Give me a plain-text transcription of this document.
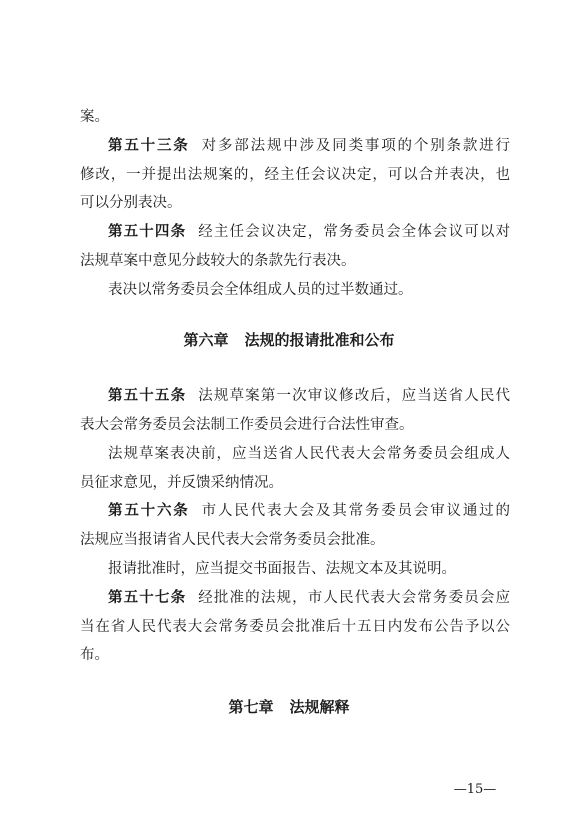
案。
第五十三条 对多部法规中涉及同类事项的个别条款进行
修改，一并提出法规案的，经主任会议决定，可以合并表决，也
可以分别表决。
第五十四条 经主任会议决定，常务委员会全体会议可以对
法规草案中意见分歧较大的条款先行表决。
表决以常务委员会全体组成人员的过半数通过。
第六章 法规的报请批准和公布
第五十五条 法规草案第一次审议修改后，应当送省人民代
表大会常务委员会法制工作委员会进行合法性审查。
法规草案表决前，应当送省人民代表大会常务委员会组成人
员征求意见，并反馈采纳情况。
第五十六条 市人民代表大会及其常务委员会审议通过的
法规应当报请省人民代表大会常务委员会批准。
报请批准时，应当提交书面报告、法规文本及其说明。
第五十七条 经批准的法规，市人民代表大会常务委员会应
当在省人民代表大会常务委员会批准后十五日内发布公告予以公
布。
第七章 法规解释
—15—
